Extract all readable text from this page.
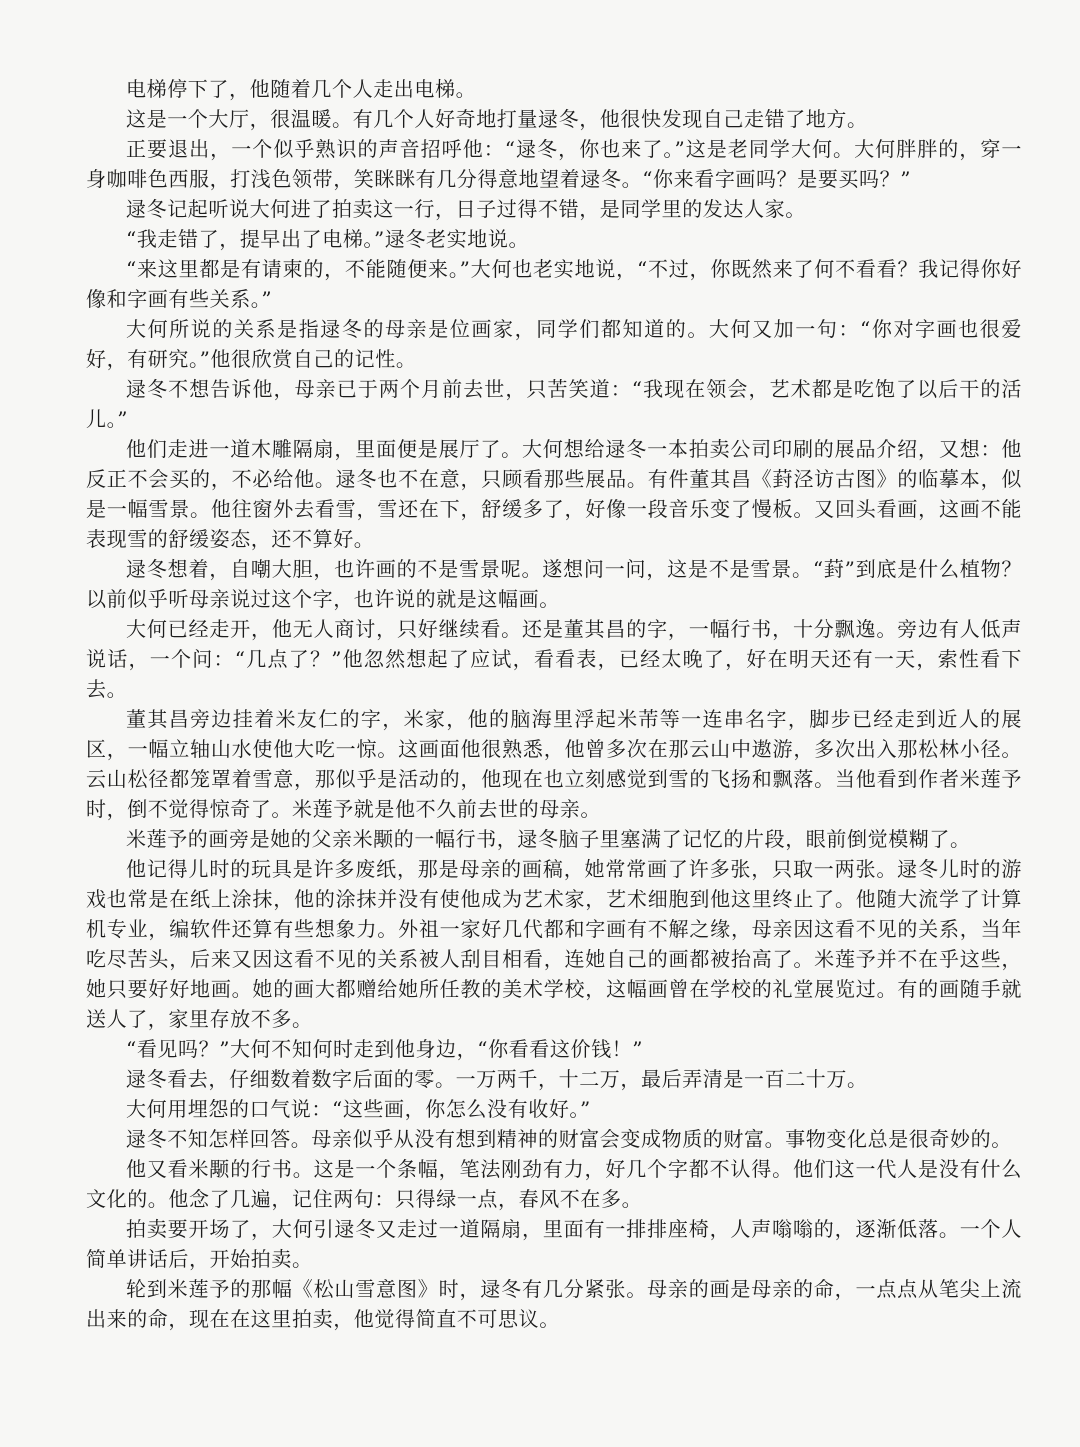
电梯停下了，他随着几个人走出电梯。

这是一个大厅，很温暖。有几个人好奇地打量逯冬，他很快发现自己走错了地方。

正要退出，一个似乎熟识的声音招呼他：“逯冬，你也来了。”这是老同学大何。大何胖胖的，穿一身咖啡色西服，打浅色领带，笑眯眯有几分得意地望着逯冬。“你来看字画吗？是要买吗？”

逯冬记起听说大何进了拍卖这一行，日子过得不错，是同学里的发达人家。

“我走错了，提早出了电梯。”逯冬老实地说。

“来这里都是有请柬的，不能随便来。”大何也老实地说，“不过，你既然来了何不看看？我记得你好像和字画有些关系。”

大何所说的关系是指逯冬的母亲是位画家，同学们都知道的。大何又加一句：“你对字画也很爱好，有研究。”他很欣赏自己的记性。

逯冬不想告诉他，母亲已于两个月前去世，只苦笑道：“我现在领会，艺术都是吃饱了以后干的活儿。”

他们走进一道木雕隔扇，里面便是展厅了。大何想给逯冬一本拍卖公司印刷的展品介绍，又想：他反正不会买的，不必给他。逯冬也不在意，只顾看那些展品。有件董其昌《葑泾访古图》的临摹本，似是一幅雪景。他往窗外去看雪，雪还在下，舒缓多了，好像一段音乐变了慢板。又回头看画，这画不能表现雪的舒缓姿态，还不算好。

逯冬想着，自嘲大胆，也许画的不是雪景呢。遂想问一问，这是不是雪景。“葑”到底是什么植物？以前似乎听母亲说过这个字，也许说的就是这幅画。

大何已经走开，他无人商讨，只好继续看。还是董其昌的字，一幅行书，十分飘逸。旁边有人低声说话，一个问：“几点了？”他忽然想起了应试，看看表，已经太晚了，好在明天还有一天，索性看下去。

董其昌旁边挂着米友仁的字，米家，他的脑海里浮起米芾等一连串名字，脚步已经走到近人的展区，一幅立轴山水使他大吃一惊。这画面他很熟悉，他曾多次在那云山中遨游，多次出入那松林小径。云山松径都笼罩着雪意，那似乎是活动的，他现在也立刻感觉到雪的飞扬和飘落。当他看到作者米莲予时，倒不觉得惊奇了。米莲予就是他不久前去世的母亲。

米莲予的画旁是她的父亲米颙的一幅行书，逯冬脑子里塞满了记忆的片段，眼前倒觉模糊了。

他记得儿时的玩具是许多废纸，那是母亲的画稿，她常常画了许多张，只取一两张。逯冬儿时的游戏也常是在纸上涂抹，他的涂抹并没有使他成为艺术家，艺术细胞到他这里终止了。他随大流学了计算机专业，编软件还算有些想象力。外祖一家好几代都和字画有不解之缘，母亲因这看不见的关系，当年吃尽苦头，后来又因这看不见的关系被人刮目相看，连她自己的画都被抬高了。米莲予并不在乎这些，她只要好好地画。她的画大都赠给她所任教的美术学校，这幅画曾在学校的礼堂展览过。有的画随手就送人了，家里存放不多。

“看见吗？”大何不知何时走到他身边，“你看看这价钱！”

逯冬看去，仔细数着数字后面的零。一万两千，十二万，最后弄清是一百二十万。

大何用埋怨的口气说：“这些画，你怎么没有收好。”

逯冬不知怎样回答。母亲似乎从没有想到精神的财富会变成物质的财富。事物变化总是很奇妙的。

他又看米颙的行书。这是一个条幅，笔法刚劲有力，好几个字都不认得。他们这一代人是没有什么文化的。他念了几遍，记住两句：只得绿一点，春风不在多。

拍卖要开场了，大何引逯冬又走过一道隔扇，里面有一排排座椅，人声嗡嗡的，逐渐低落。一个人简单讲话后，开始拍卖。

轮到米莲予的那幅《松山雪意图》时，逯冬有几分紧张。母亲的画是母亲的命，一点点从笔尖上流出来的命，现在在这里拍卖，他觉得简直不可思议。
